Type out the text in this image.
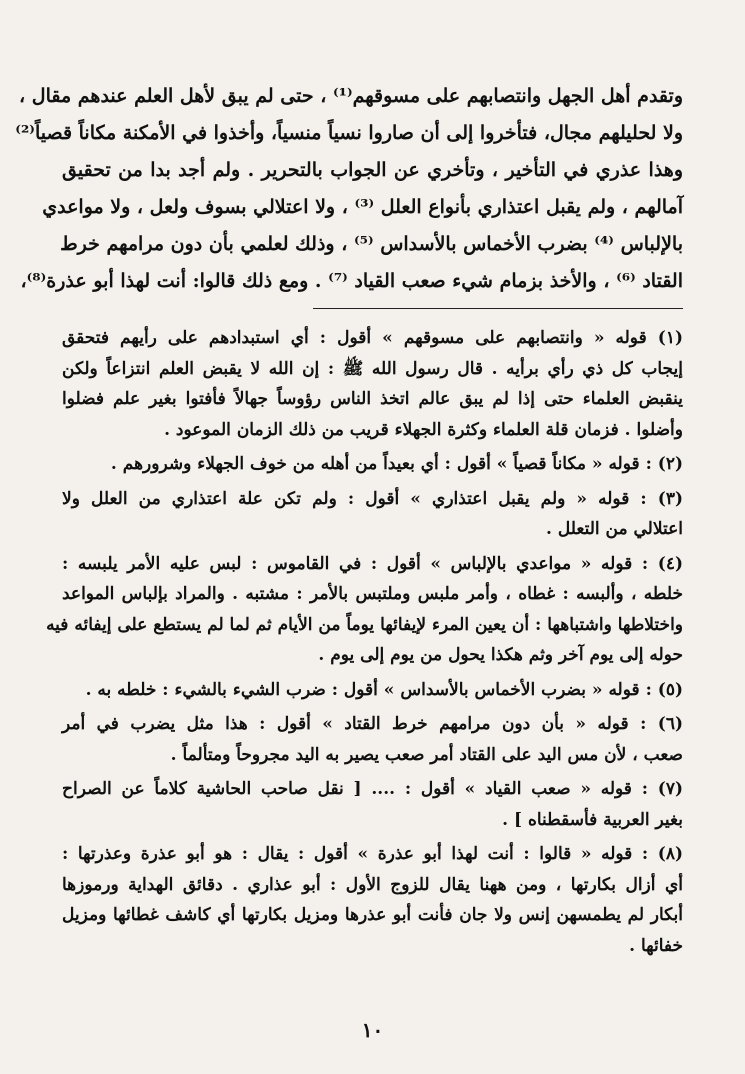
وتقدم أهل الجهل وانتصابهم على مسوقهم⁽¹⁾ ، حتى لم يبق لأهل العلم عندهم مقال ،

ولا لحليلهم مجال، فتأخروا إلى أن صاروا نسياً منسياً، وأخذوا في الأمكنة مكاناً قصياً⁽²⁾

وهذا عذري في التأخير ، وتأخري عن الجواب بالتحرير . ولم أجد بدا من تحقيق

آمالهم ، ولم يقبل اعتذاري بأنواع العلل ⁽³⁾ ، ولا اعتلالي بسوف ولعل ، ولا مواعدي

بالإلباس ⁽⁴⁾ بضرب الأخماس بالأسداس ⁽⁵⁾ ، وذلك لعلمي بأن دون مرامهم خرط

القتاد ⁽⁶⁾ ، والأخذ بزمام شيء صعب القياد ⁽⁷⁾ . ومع ذلك قالوا: أنت لهذا أبو عذرة⁽⁸⁾،

(١) قوله « وانتصابهم على مسوقهم » أقول : أي استبدادهم على رأيهم فتحقق

إيجاب كل ذي رأي برأيه . قال رسول الله ﷺ : إن الله لا يقبض العلم انتزاعاً ولكن

ينقبض العلماء حتى إذا لم يبق عالم اتخذ الناس رؤوساً جهالاً فأفتوا بغير علم فضلوا

وأضلوا . فزمان قلة العلماء وكثرة الجهلاء قريب من ذلك الزمان الموعود .

(٢) : قوله « مكاناً قصياً » أقول : أي بعيداً من أهله من خوف الجهلاء وشرورهم .

(٣) : قوله « ولم يقبل اعتذاري » أقول : ولم تكن علة اعتذاري من العلل ولا

اعتلالي من التعلل .

(٤) : قوله « مواعدي بالإلباس » أقول : في القاموس : لبس عليه الأمر يلبسه :

خلطه ، وألبسه : غطاه ، وأمر ملبس وملتبس بالأمر : مشتبه . والمراد بإلباس المواعد

واختلاطها واشتباهها : أن يعين المرء لإيفائها يوماً من الأيام ثم لما لم يستطع على إيفائه فيه

حوله إلى يوم آخر وثم هكذا يحول من يوم إلى يوم .

(٥) : قوله « بضرب الأخماس بالأسداس » أقول : ضرب الشيء بالشيء : خلطه به .

(٦) : قوله « بأن دون مرامهم خرط القتاد » أقول : هذا مثل يضرب في أمر

صعب ، لأن مس اليد على القتاد أمر صعب يصير به اليد مجروحاً ومتألماً .

(٧) : قوله « صعب القياد » أقول : .... [ نقل صاحب الحاشية كلاماً عن الصراح

بغير العربية فأسقطناه ] .

(٨) : قوله « قالوا : أنت لهذا أبو عذرة » أقول : يقال : هو أبو عذرة وعذرتها :

أي أزال بكارتها ، ومن ههنا يقال للزوج الأول : أبو عذاري . دقائق الهداية ورموزها

أبكار لم يطمسهن إنس ولا جان فأنت أبو عذرها ومزيل بكارتها أي كاشف غطائها ومزيل

خفائها .

١٠
